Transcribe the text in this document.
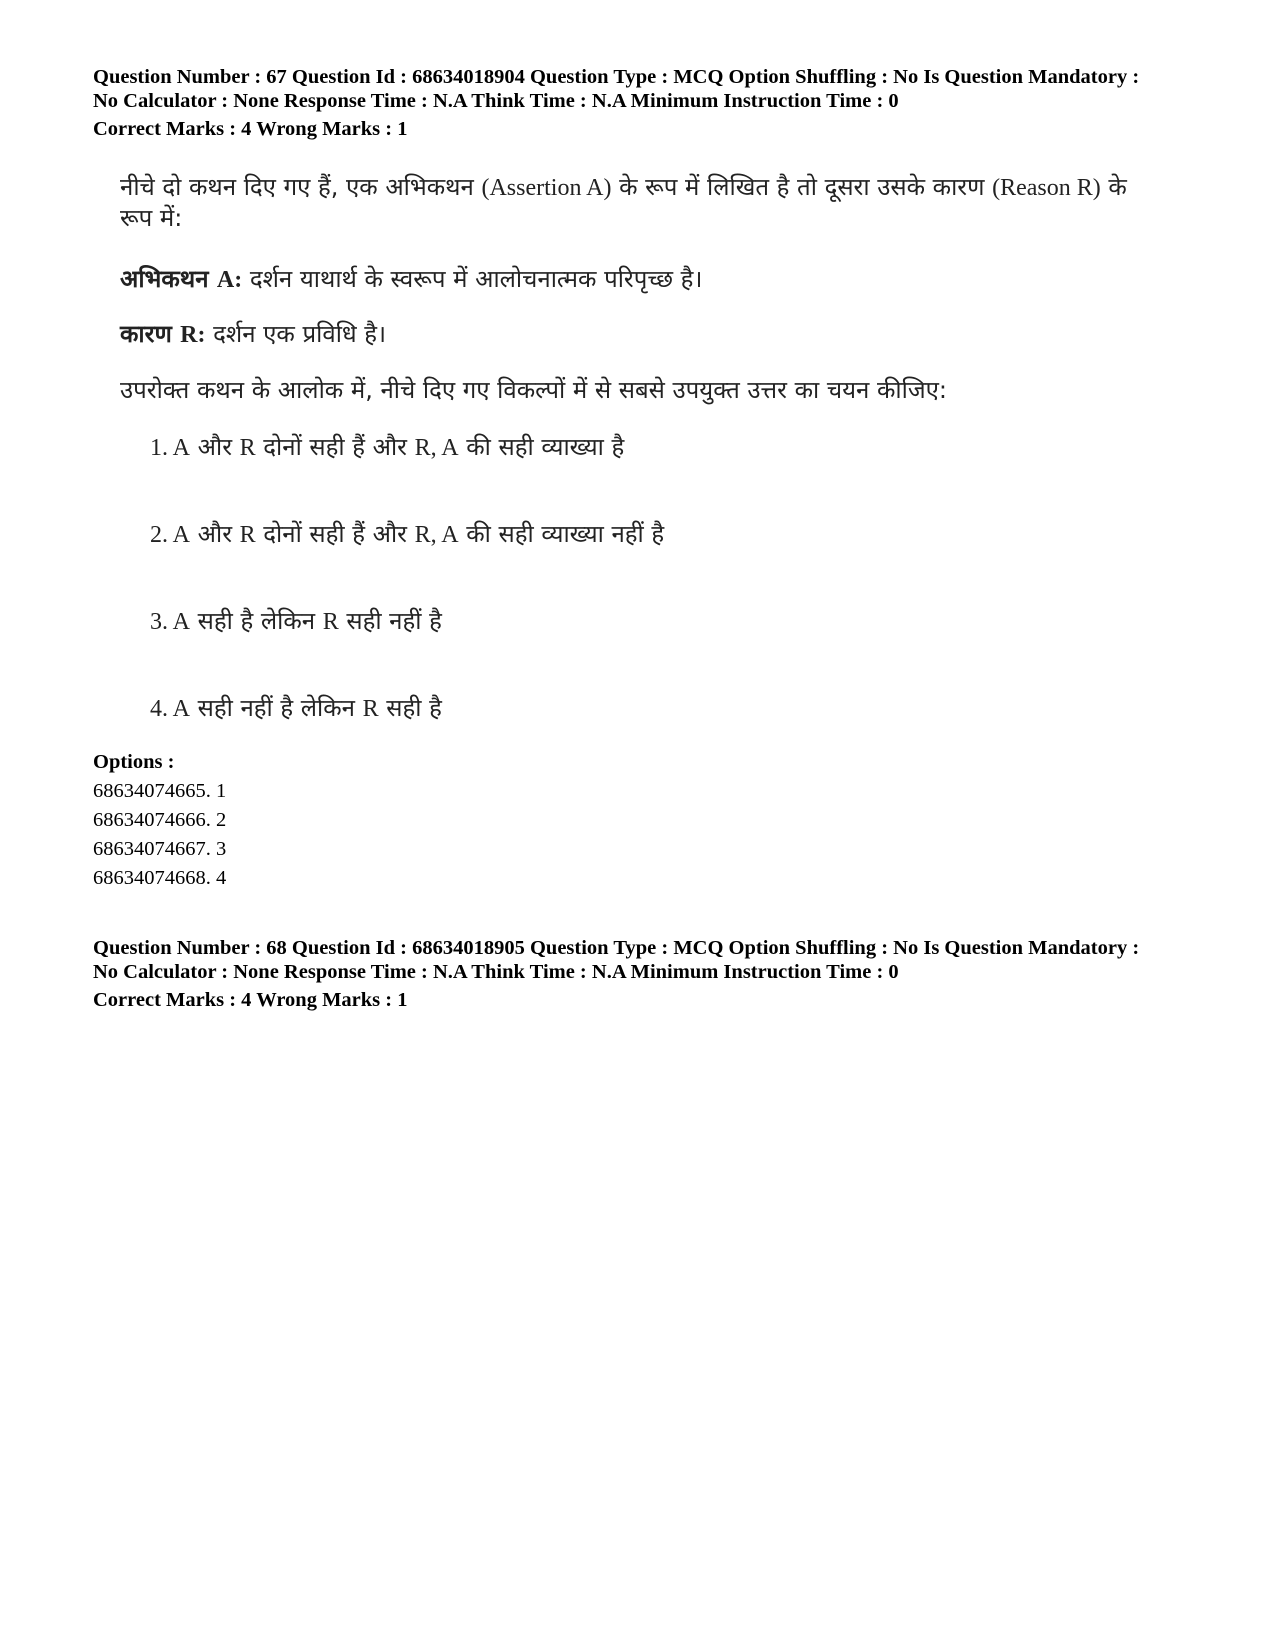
Question Number : 67 Question Id : 68634018904 Question Type : MCQ Option Shuffling : No Is Question Mandatory :
No Calculator : None Response Time : N.A Think Time : N.A Minimum Instruction Time : 0
Correct Marks : 4 Wrong Marks : 1

नीचे दो कथन दिए गए हैं, एक अभिकथन (Assertion A) के रूप में लिखित है तो दूसरा उसके कारण (Reason R) के रूप में:

अभिकथन A: दर्शन याथार्थ के स्वरूप में आलोचनात्मक परिपृच्छ है।

कारण R: दर्शन एक प्रविधि है।

उपरोक्त कथन के आलोक में, नीचे दिए गए विकल्पों में से सबसे उपयुक्त उत्तर का चयन कीजिए:

1. A और R दोनों सही हैं और R, A की सही व्याख्या है

2. A और R दोनों सही हैं और R, A की सही व्याख्या नहीं है

3. A सही है लेकिन R सही नहीं है

4. A सही नहीं है लेकिन R सही है

Options :
68634074665. 1
68634074666. 2
68634074667. 3
68634074668. 4
Question Number : 68 Question Id : 68634018905 Question Type : MCQ Option Shuffling : No Is Question Mandatory :
No Calculator : None Response Time : N.A Think Time : N.A Minimum Instruction Time : 0
Correct Marks : 4 Wrong Marks : 1
